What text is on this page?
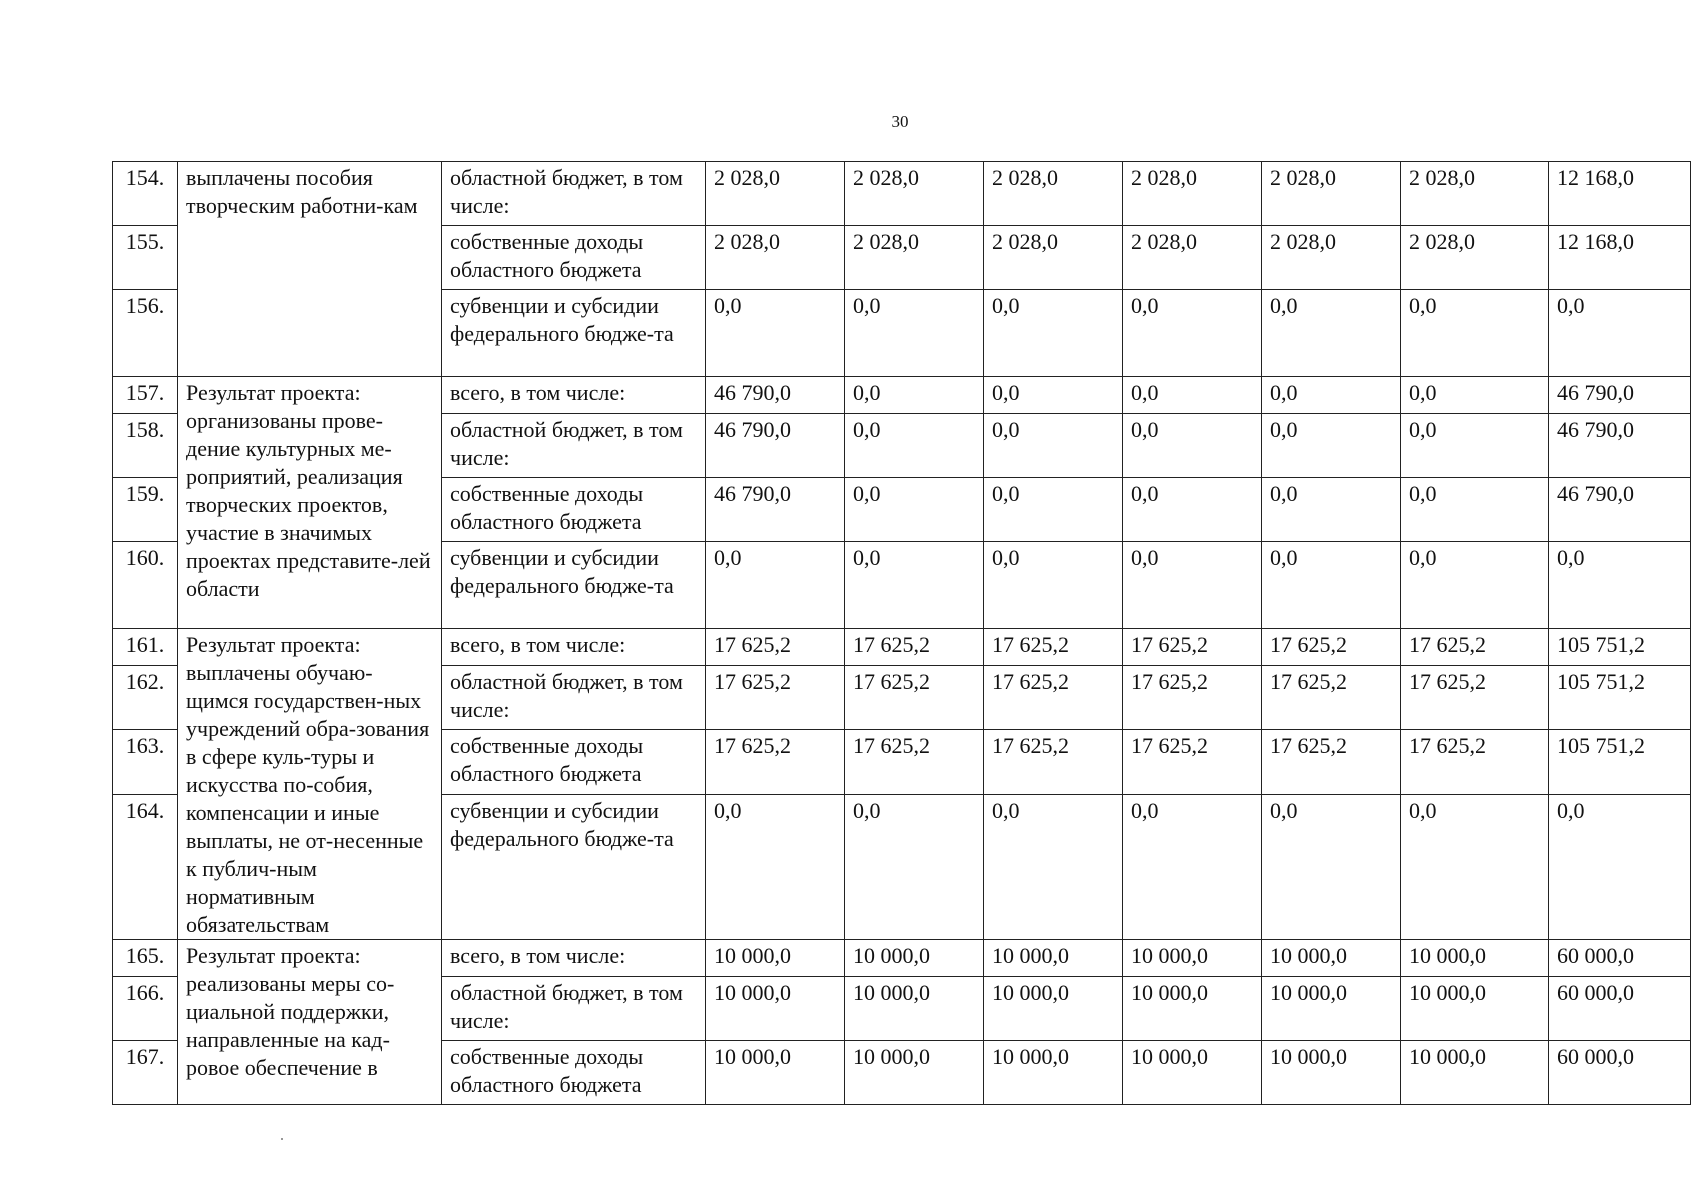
30
154.	выплачены пособия творческим работни-кам	областной бюджет, в том числе:	2 028,0	2 028,0	2 028,0	2 028,0	2 028,0	2 028,0	12 168,0
155.		собственные доходы областного бюджета	2 028,0	2 028,0	2 028,0	2 028,0	2 028,0	2 028,0	12 168,0
156.		субвенции и субсидии федерального бюдже-та	0,0	0,0	0,0	0,0	0,0	0,0	0,0
157.	Результат проекта: организованы прове-дение культурных ме-роприятий, реализация творческих проектов, участие в значимых проектах представите-лей области	всего, в том числе:	46 790,0	0,0	0,0	0,0	0,0	0,0	46 790,0
158.		областной бюджет, в том числе:	46 790,0	0,0	0,0	0,0	0,0	0,0	46 790,0
159.		собственные доходы областного бюджета	46 790,0	0,0	0,0	0,0	0,0	0,0	46 790,0
160.		субвенции и субсидии федерального бюдже-та	0,0	0,0	0,0	0,0	0,0	0,0	0,0
161.	Результат проекта: выплачены обучаю-щимся государствен-ных учреждений обра-зования в сфере куль-туры и искусства по-собия, компенсации и иные выплаты, не от-несенные к публич-ным нормативным обязательствам	всего, в том числе:	17 625,2	17 625,2	17 625,2	17 625,2	17 625,2	17 625,2	105 751,2
162.		областной бюджет, в том числе:	17 625,2	17 625,2	17 625,2	17 625,2	17 625,2	17 625,2	105 751,2
163.		собственные доходы областного бюджета	17 625,2	17 625,2	17 625,2	17 625,2	17 625,2	17 625,2	105 751,2
164.		субвенции и субсидии федерального бюдже-та	0,0	0,0	0,0	0,0	0,0	0,0	0,0
165.	Результат проекта: реализованы меры со-циальной поддержки, направленные на кад-ровое обеспечение в	всего, в том числе:	10 000,0	10 000,0	10 000,0	10 000,0	10 000,0	10 000,0	60 000,0
166.		областной бюджет, в том числе:	10 000,0	10 000,0	10 000,0	10 000,0	10 000,0	10 000,0	60 000,0
167.		собственные доходы областного бюджета	10 000,0	10 000,0	10 000,0	10 000,0	10 000,0	10 000,0	60 000,0
